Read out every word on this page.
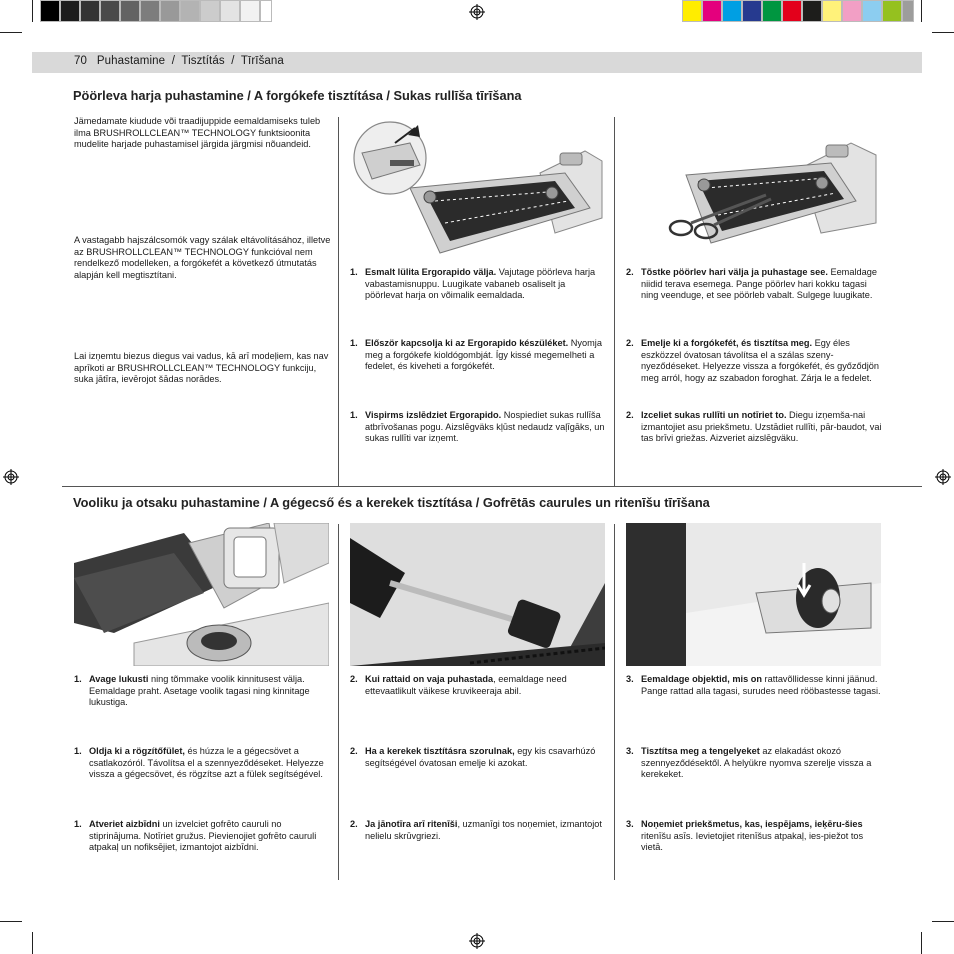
70 Puhastamine  /  Tisztítás  /  Tīrīšana
Pöörleva harja puhastamine / A forgókefe tisztítása / Sukas rullīša tīrīšana
Jämedamate kiudude või traadijuppide eemaldamiseks tuleb ilma BRUSHROLLCLEAN™ TECHNOLOGY funktsioonita mudelite harjade puhastamisel järgida järgmisi nõuandeid.
A vastagabb hajszálcsomók vagy szálak eltávolításához, illetve az BRUSHROLLCLEAN™ TECHNOLOGY funkcióval nem rendelkező modelleken, a forgókefét a következő útmutatás alapján kell megtisztítani.
Lai izņemtu biezus diegus vai vadus, kā arī modeļiem, kas nav aprīkoti ar BRUSHROLLCLEAN™ TECHNOLOGY funkciju, suka jātīra, ievērojot šādas norādes.
1. Esmalt lülita Ergorapido välja. Vajutage pöörleva harja vabastamisnuppu. Luugikate vabaneb osaliselt ja pöörlevat harja on võimalik eemaldada.
1. Először kapcsolja ki az Ergorapido készüléket. Nyomja meg a forgókefe kioldógombját. Így kissé megemelheti a fedelet, és kiveheti a forgókefét.
1. Vispirms izslēdziet Ergorapido. Nospiediet sukas rullīša atbrīvošanas pogu. Aizslēgväks kļūst nedaudz vaļīgāks, un sukas rullīti var izņemt.
2. Tõstke pöörlev hari välja ja puhastage see. Eemaldage niidid terava esemega. Pange pöörlev hari kokku tagasi ning veenduge, et see pöörleb vabalt. Sulgege luugikate.
2. Emelje ki a forgókefét, és tisztítsa meg. Egy éles eszközzel óvatosan távolítsa el a szálas szeny-nyeződéseket. Helyezze vissza a forgókefét, és győződjön meg arról, hogy az szabadon foroghat. Zárja le a fedelet.
2. Izceliet sukas rullīti un notīriet to. Diegu izņemša-nai izmantojiet asu priekšmetu. Uzstādiet rullīti, pār-baudot, vai tas brīvi griežas. Aizveriet aizslēgväku.
Vooliku ja otsaku puhastamine / A gégecső és a kerekek tisztítása / Gofrētās caurules un ritenīšu tīrīšana
1. Avage lukusti ning tõmmake voolik kinnitusest välja. Eemaldage praht. Asetage voolik tagasi ning kinnitage lukustiga.
1. Oldja ki a rögzítőfület, és húzza le a gégecsövet a csatlakozóról. Távolítsa el a szennyeződéseket. Helyezze vissza a gégecsövet, és rögzítse azt a fülek segítségével.
1. Atveriet aizbīdni un izvelciet gofrēto cauruli no stiprinājuma. Notīriet gružus. Pievienojiet gofrēto cauruli atpakaļ un nofiksējiet, izmantojot aizbīdni.
2. Kui rattaid on vaja puhastada, eemaldage need ettevaatlikult väikese kruvikeeraja abil.
2. Ha a kerekek tisztításra szorulnak, egy kis csavarhúzó segítségével óvatosan emelje ki azokat.
2. Ja jānotīra arī ritenīši, uzmanīgi tos noņemiet, izmantojot nelielu skrūvgriezi.
3. Eemaldage objektid, mis on rattavõllidesse kinni jäänud. Pange rattad alla tagasi, surudes need rööbastesse tagasi.
3. Tisztítsa meg a tengelyeket az elakadást okozó szennyeződésektől. A helyükre nyomva szerelje vissza a kerekeket.
3. Noņemiet priekšmetus, kas, iespējams, ieķēru-šies ritenīšu asīs. Ievietojiet ritenīšus atpakaļ, ies-piežot tos vietā.
